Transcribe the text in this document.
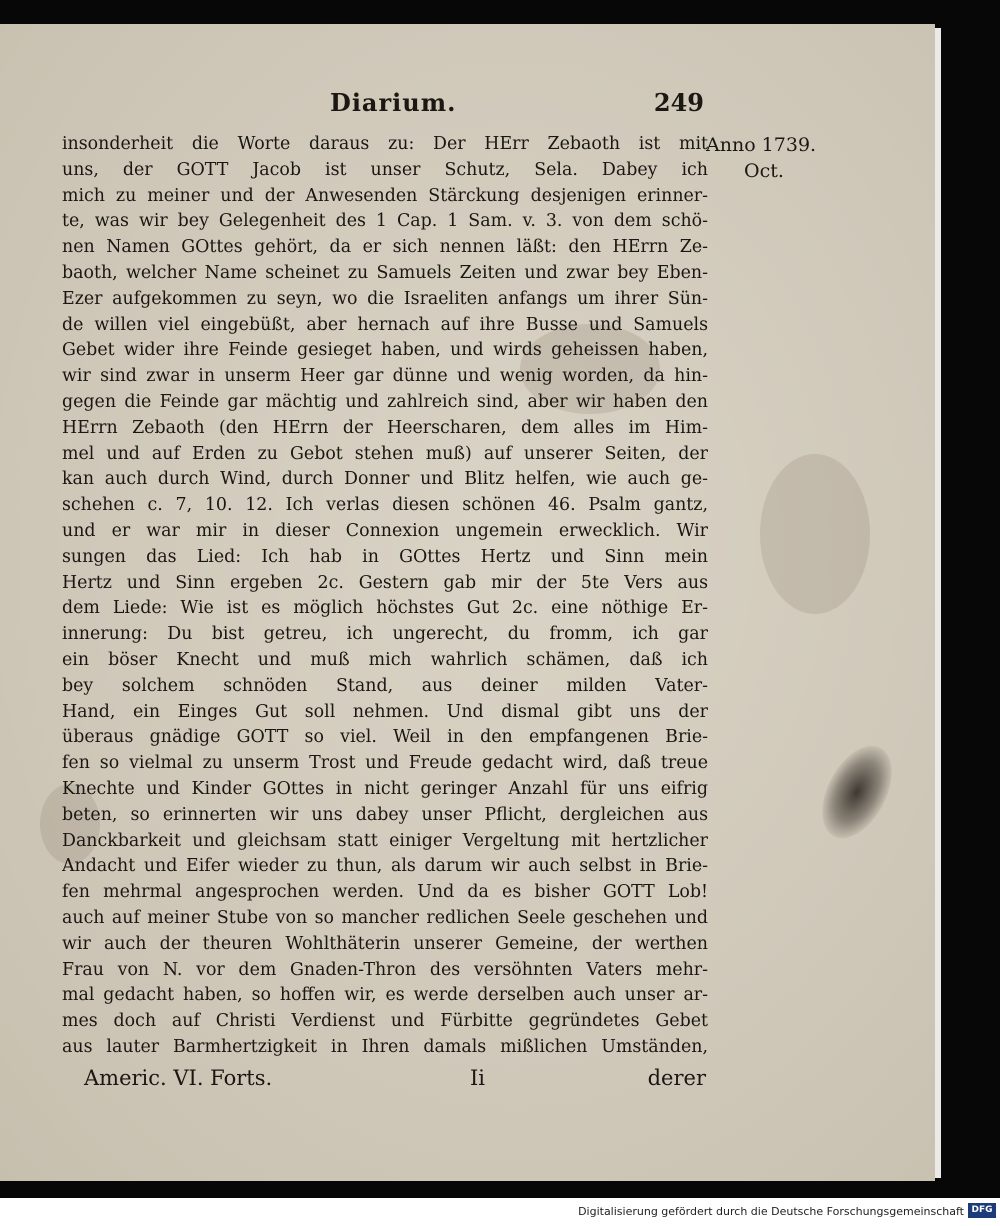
Diarium.	249
Anno 1739.
Oct.
insonderheit die Worte daraus zu: Der HErr Zebaoth ist mit
uns, der GOTT Jacob ist unser Schutz, Sela. Dabey ich
mich zu meiner und der Anwesenden Stärckung desjenigen erinner-
te, was wir bey Gelegenheit des 1 Cap. 1 Sam. v. 3. von dem schö-
nen Namen GOttes gehört, da er sich nennen läßt: den HErrn Ze-
baoth, welcher Name scheinet zu Samuels Zeiten und zwar bey Eben-
Ezer aufgekommen zu seyn, wo die Israeliten anfangs um ihrer Sün-
de willen viel eingebüßt, aber hernach auf ihre Busse und Samuels
Gebet wider ihre Feinde gesieget haben, und wirds geheissen haben,
wir sind zwar in unserm Heer gar dünne und wenig worden, da hin-
gegen die Feinde gar mächtig und zahlreich sind, aber wir haben den
HErrn Zebaoth (den HErrn der Heerscharen, dem alles im Him-
mel und auf Erden zu Gebot stehen muß) auf unserer Seiten, der
kan auch durch Wind, durch Donner und Blitz helfen, wie auch ge-
schehen c. 7, 10. 12. Ich verlas diesen schönen 46. Psalm gantz,
und er war mir in dieser Connexion ungemein erwecklich. Wir
sungen das Lied: Ich hab in GOttes Hertz und Sinn mein
Hertz und Sinn ergeben 2c. Gestern gab mir der 5te Vers aus
dem Liede: Wie ist es möglich höchstes Gut 2c. eine nöthige Er-
innerung: Du bist getreu, ich ungerecht, du fromm, ich gar
ein böser Knecht und muß mich wahrlich schämen, daß ich
bey solchem schnöden Stand, aus deiner milden Vater-
Hand, ein Einges Gut soll nehmen. Und dismal gibt uns der
überaus gnädige GOTT so viel. Weil in den empfangenen Brie-
fen so vielmal zu unserm Trost und Freude gedacht wird, daß treue
Knechte und Kinder GOttes in nicht geringer Anzahl für uns eifrig
beten, so erinnerten wir uns dabey unser Pflicht, dergleichen aus
Danckbarkeit und gleichsam statt einiger Vergeltung mit hertzlicher
Andacht und Eifer wieder zu thun, als darum wir auch selbst in Brie-
fen mehrmal angesprochen werden. Und da es bisher GOTT Lob!
auch auf meiner Stube von so mancher redlichen Seele geschehen und
wir auch der theuren Wohlthäterin unserer Gemeine, der werthen
Frau von N. vor dem Gnaden-Thron des versöhnten Vaters mehr-
mal gedacht haben, so hoffen wir, es werde derselben auch unser ar-
mes doch auf Christi Verdienst und Fürbitte gegründetes Gebet
aus lauter Barmhertzigkeit in Ihren damals mißlichen Umständen,
Americ. VI. Forts.	Ii	derer
Digitalisierung gefördert durch die Deutsche Forschungsgemeinschaft DFG
